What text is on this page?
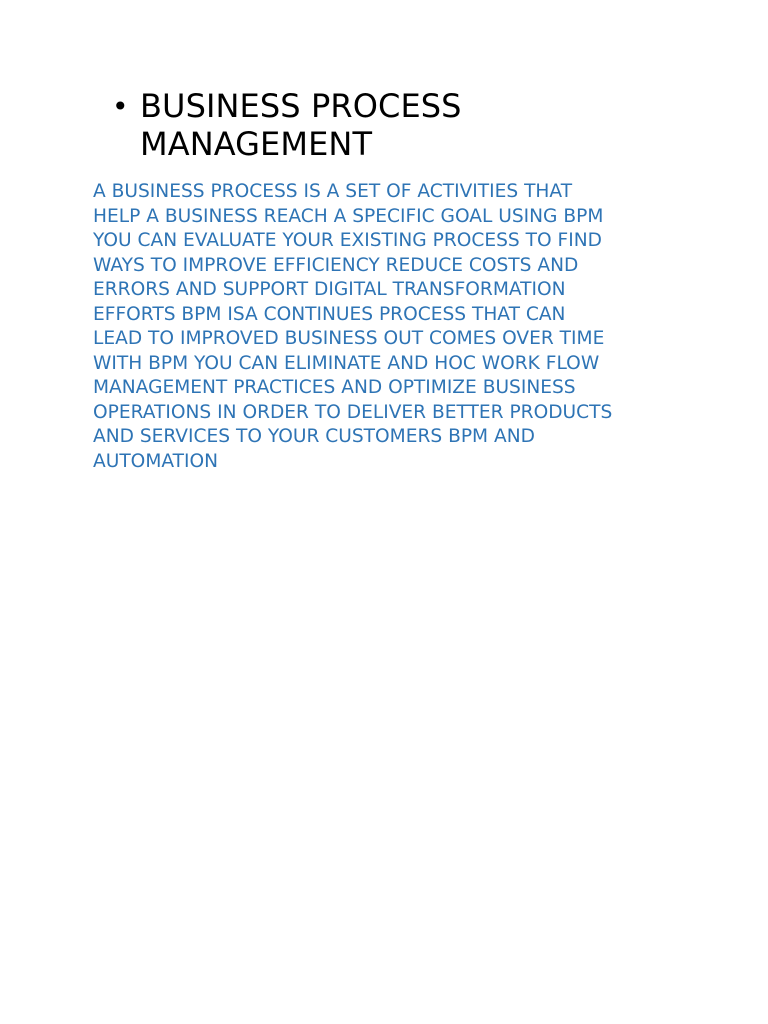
• BUSINESS PROCESS
MANAGEMENT

A BUSINESS PROCESS IS A SET OF ACTIVITIES THAT
HELP A BUSINESS REACH A SPECIFIC GOAL USING BPM
YOU CAN EVALUATE YOUR EXISTING PROCESS TO FIND
WAYS TO IMPROVE EFFICIENCY REDUCE COSTS AND
ERRORS AND SUPPORT DIGITAL TRANSFORMATION
EFFORTS BPM ISA CONTINUES PROCESS THAT CAN
LEAD TO IMPROVED BUSINESS OUT COMES OVER TIME
WITH BPM YOU CAN ELIMINATE AND HOC WORK FLOW
MANAGEMENT PRACTICES AND OPTIMIZE BUSINESS
OPERATIONS IN ORDER TO DELIVER BETTER PRODUCTS
AND SERVICES TO YOUR CUSTOMERS BPM AND
AUTOMATION
